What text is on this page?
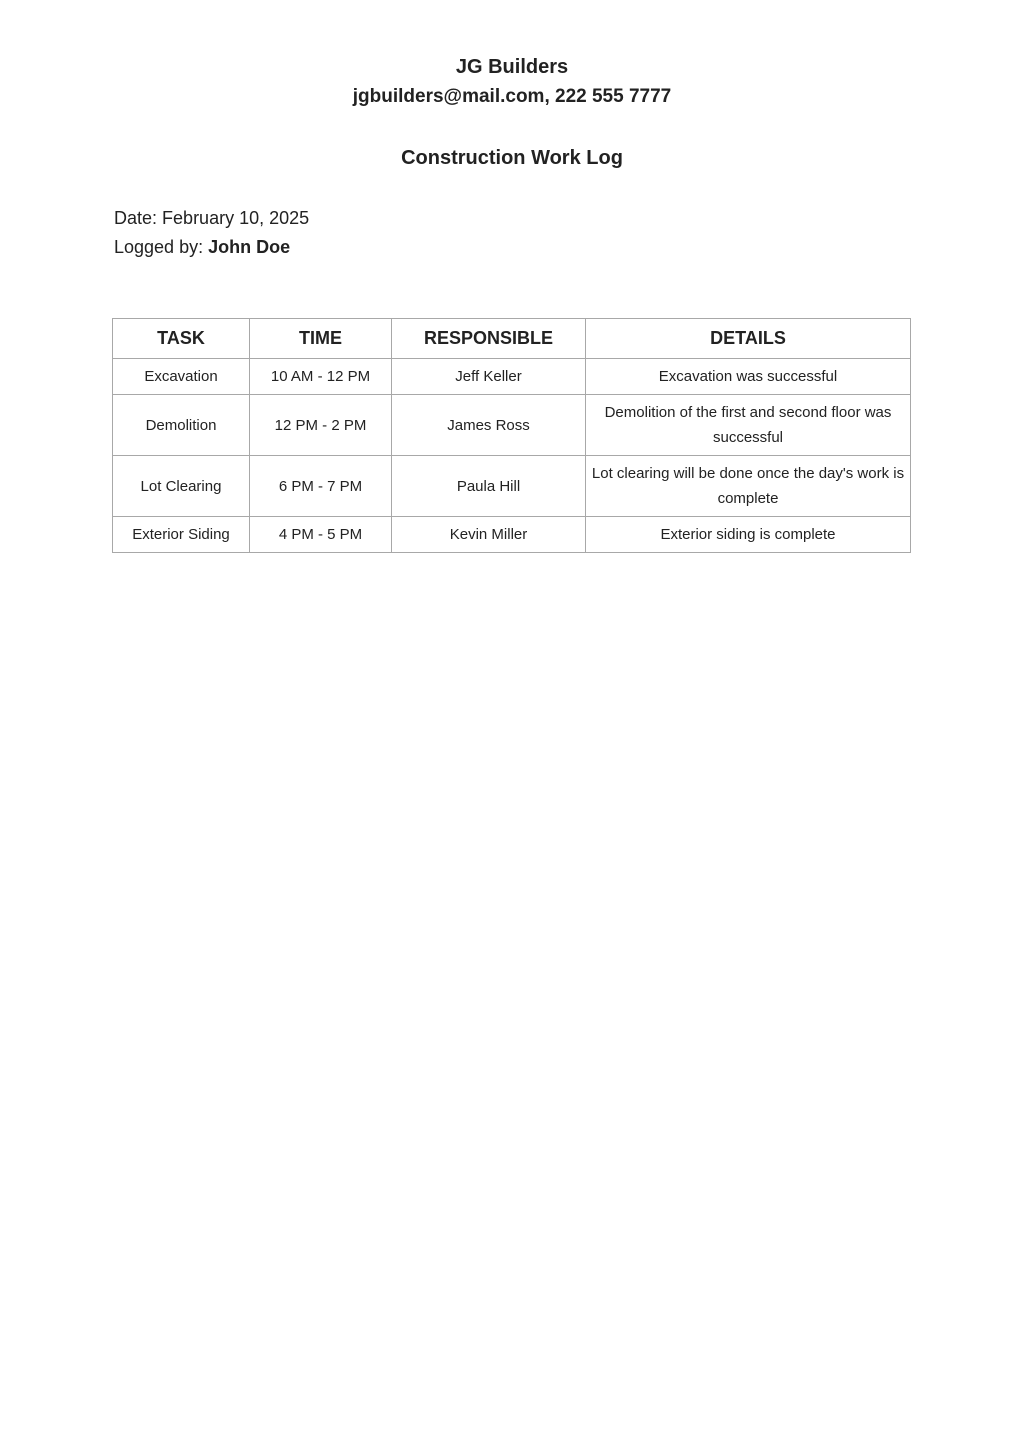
JG Builders
jgbuilders@mail.com, 222 555 7777
Construction Work Log
Date: February 10, 2025
Logged by: John Doe
TASK	TIME	RESPONSIBLE	DETAILS
Excavation	10 AM - 12 PM	Jeff Keller	Excavation was successful
Demolition	12 PM - 2 PM	James Ross	Demolition of the first and second floor was successful
Lot Clearing	6 PM - 7 PM	Paula Hill	Lot clearing will be done once the day's work is complete
Exterior Siding	4 PM - 5 PM	Kevin Miller	Exterior siding is complete
